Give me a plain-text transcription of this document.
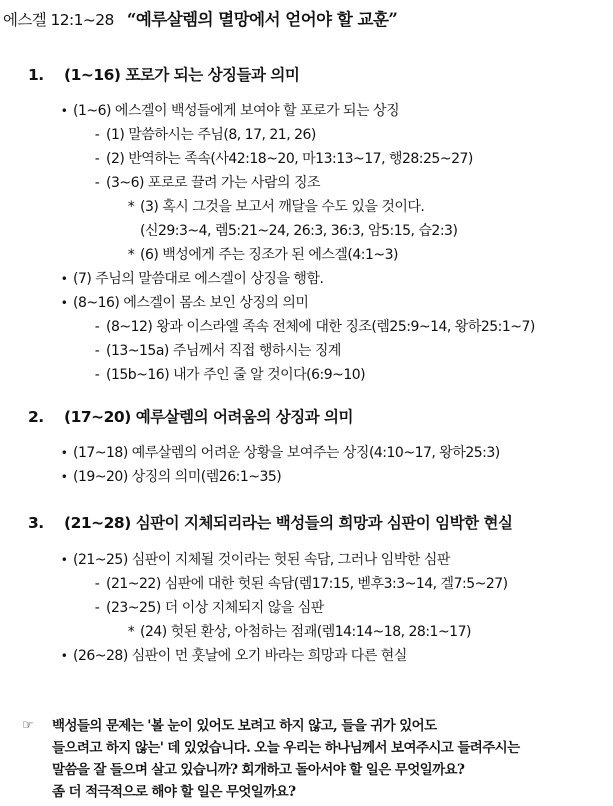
에스겔 12:1~28 “예루살렘의 멸망에서 얻어야 할 교훈”
1. (1~16) 포로가 되는 상징들과 의미
• (1~6) 에스겔이 백성들에게 보여야 할 포로가 되는 상징
- (1) 말씀하시는 주님(8, 17, 21, 26)
- (2) 반역하는 족속(사42:18~20, 마13:13~17, 행28:25~27)
- (3~6) 포로로 끌려 가는 사람의 징조
* (3) 혹시 그것을 보고서 깨달을 수도 있을 것이다.
(신29:3~4, 렘5:21~24, 26:3, 36:3, 암5:15, 습2:3)
* (6) 백성에게 주는 징조가 된 에스겔(4:1~3)
• (7) 주님의 말씀대로 에스겔이 상징을 행함.
• (8~16) 에스겔이 몸소 보인 상징의 의미
- (8~12) 왕과 이스라엘 족속 전체에 대한 징조(렘25:9~14, 왕하25:1~7)
- (13~15a) 주님께서 직접 행하시는 징계
- (15b~16) 내가 주인 줄 알 것이다(6:9~10)
2. (17~20) 예루살렘의 어려움의 상징과 의미
• (17~18) 예루살렘의 어려운 상황을 보여주는 상징(4:10~17, 왕하25:3)
• (19~20) 상징의 의미(렘26:1~35)
3. (21~28) 심판이 지체되리라는 백성들의 희망과 심판이 임박한 현실
• (21~25) 심판이 지체될 것이라는 헛된 속담, 그러나 임박한 심판
- (21~22) 심판에 대한 헛된 속담(렘17:15, 벧후3:3~14, 겔7:5~27)
- (23~25) 더 이상 지체되지 않을 심판
* (24) 헛된 환상, 아첨하는 점괘(렘14:14~18, 28:1~17)
• (26~28) 심판이 먼 훗날에 오기 바라는 희망과 다른 현실
☞ 백성들의 문제는 '볼 눈이 있어도 보려고 하지 않고, 들을 귀가 있어도
들으려고 하지 않는' 데 있었습니다. 오늘 우리는 하나님께서 보여주시고 들려주시는
말씀을 잘 들으며 살고 있습니까? 회개하고 돌아서야 할 일은 무엇일까요?
좀 더 적극적으로 해야 할 일은 무엇일까요?
